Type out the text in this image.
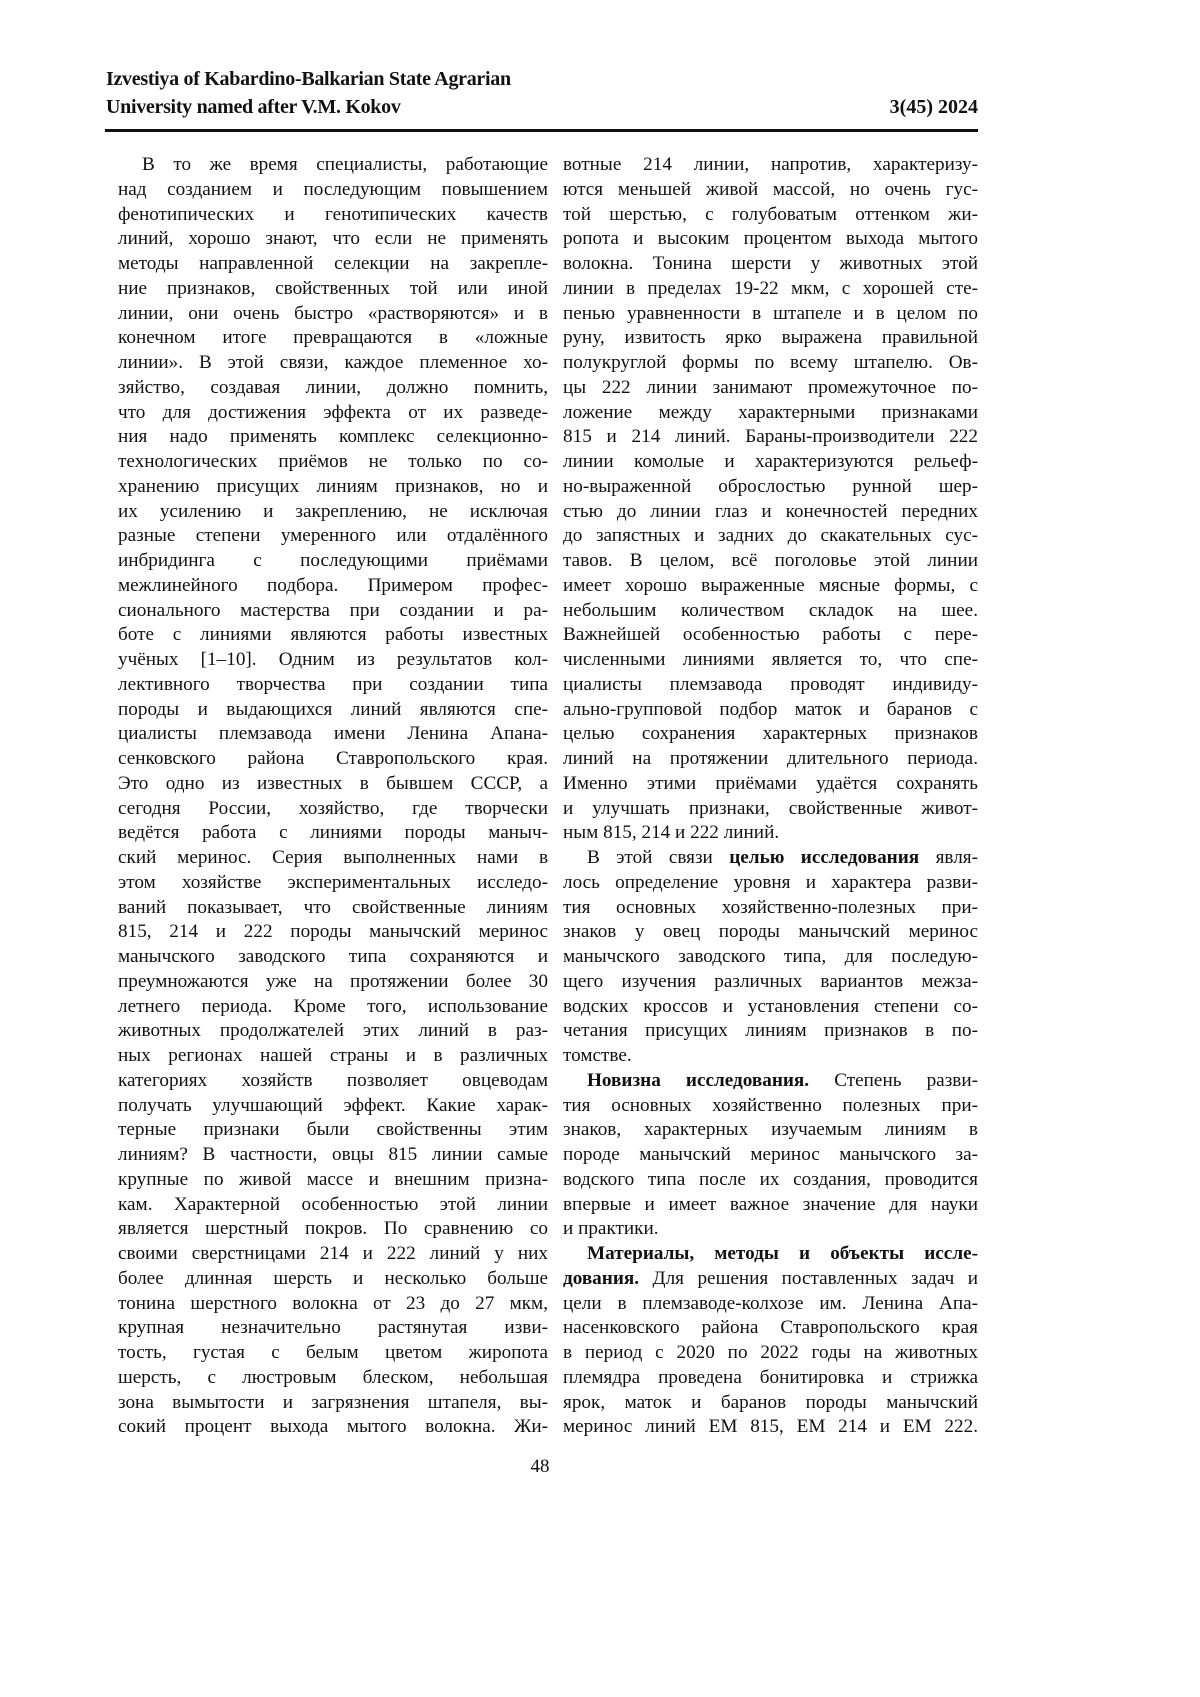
Izvestiya of Kabardino-Balkarian State Agrarian
University named after V.M. Kokov	3(45) 2024
В то же время специалисты, работающие
над созданием и последующим повышением
фенотипических и генотипических качеств
линий, хорошо знают, что если не применять
методы направленной селекции на закрепле-
ние признаков, свойственных той или иной
линии, они очень быстро «растворяются» и в
конечном итоге превращаются в «ложные
линии». В этой связи, каждое племенное хо-
зяйство, создавая линии, должно помнить,
что для достижения эффекта от их разведе-
ния надо применять комплекс селекционно-
технологических приёмов не только по со-
хранению присущих линиям признаков, но и
их усилению и закреплению, не исключая
разные степени умеренного или отдалённого
инбридинга с последующими приёмами
межлинейного подбора. Примером профес-
сионального мастерства при создании и ра-
боте с линиями являются работы известных
учёных [1–10]. Одним из результатов кол-
лективного творчества при создании типа
породы и выдающихся линий являются спе-
циалисты племзавода имени Ленина Апана-
сенковского района Ставропольского края.
Это одно из известных в бывшем СССР, а
сегодня России, хозяйство, где творчески
ведётся работа с линиями породы маныч-
ский меринос. Серия выполненных нами в
этом хозяйстве экспериментальных исследо-
ваний показывает, что свойственные линиям
815, 214 и 222 породы манычский меринос
манычского заводского типа сохраняются и
преумножаются уже на протяжении более 30
летнего периода. Кроме того, использование
животных продолжателей этих линий в раз-
ных регионах нашей страны и в различных
категориях хозяйств позволяет овцеводам
получать улучшающий эффект. Какие харак-
терные признаки были свойственны этим
линиям? В частности, овцы 815 линии самые
крупные по живой массе и внешним призна-
кам. Характерной особенностью этой линии
является шерстный покров. По сравнению со
своими сверстницами 214 и 222 линий у них
более длинная шерсть и несколько больше
тонина шерстного волокна от 23 до 27 мкм,
крупная незначительно растянутая изви-
тость, густая с белым цветом жиропота
шерсть, с люстровым блеском, небольшая
зона вымытости и загрязнения штапеля, вы-
сокий процент выхода мытого волокна. Жи-
вотные 214 линии, напротив, характеризу-
ются меньшей живой массой, но очень гус-
той шерстью, с голубоватым оттенком жи-
ропота и высоким процентом выхода мытого
волокна. Тонина шерсти у животных этой
линии в пределах 19-22 мкм, с хорошей сте-
пенью уравненности в штапеле и в целом по
руну, извитость ярко выражена правильной
полукруглой формы по всему штапелю. Ов-
цы 222 линии занимают промежуточное по-
ложение между характерными признаками
815 и 214 линий. Бараны-производители 222
линии комолые и характеризуются рельеф-
но-выраженной оброслостью рунной шер-
стью до линии глаз и конечностей передних
до запястных и задних до скакательных сус-
тавов. В целом, всё поголовье этой линии
имеет хорошо выраженные мясные формы, с
небольшим количеством складок на шее.
Важнейшей особенностью работы с пере-
численными линиями является то, что спе-
циалисты племзавода проводят индивиду-
ально-групповой подбор маток и баранов с
целью сохранения характерных признаков
линий на протяжении длительного периода.
Именно этими приёмами удаётся сохранять
и улучшать признаки, свойственные живот-
ным 815, 214 и 222 линий.
В этой связи целью исследования явля-
лось определение уровня и характера разви-
тия основных хозяйственно-полезных при-
знаков у овец породы манычский меринос
манычского заводского типа, для последую-
щего изучения различных вариантов межза-
водских кроссов и установления степени со-
четания присущих линиям признаков в по-
томстве.
Новизна исследования. Степень разви-
тия основных хозяйственно полезных при-
знаков, характерных изучаемым линиям в
породе манычский меринос манычского за-
водского типа после их создания, проводится
впервые и имеет важное значение для науки
и практики.
Материалы, методы и объекты иссле-
дования. Для решения поставленных задач и
цели в племзаводе-колхозе им. Ленина Апа-
насенковского района Ставропольского края
в период с 2020 по 2022 годы на животных
племядра проведена бонитировка и стрижка
ярок, маток и баранов породы манычский
меринос линий ЕМ 815, ЕМ 214 и ЕМ 222.
48
